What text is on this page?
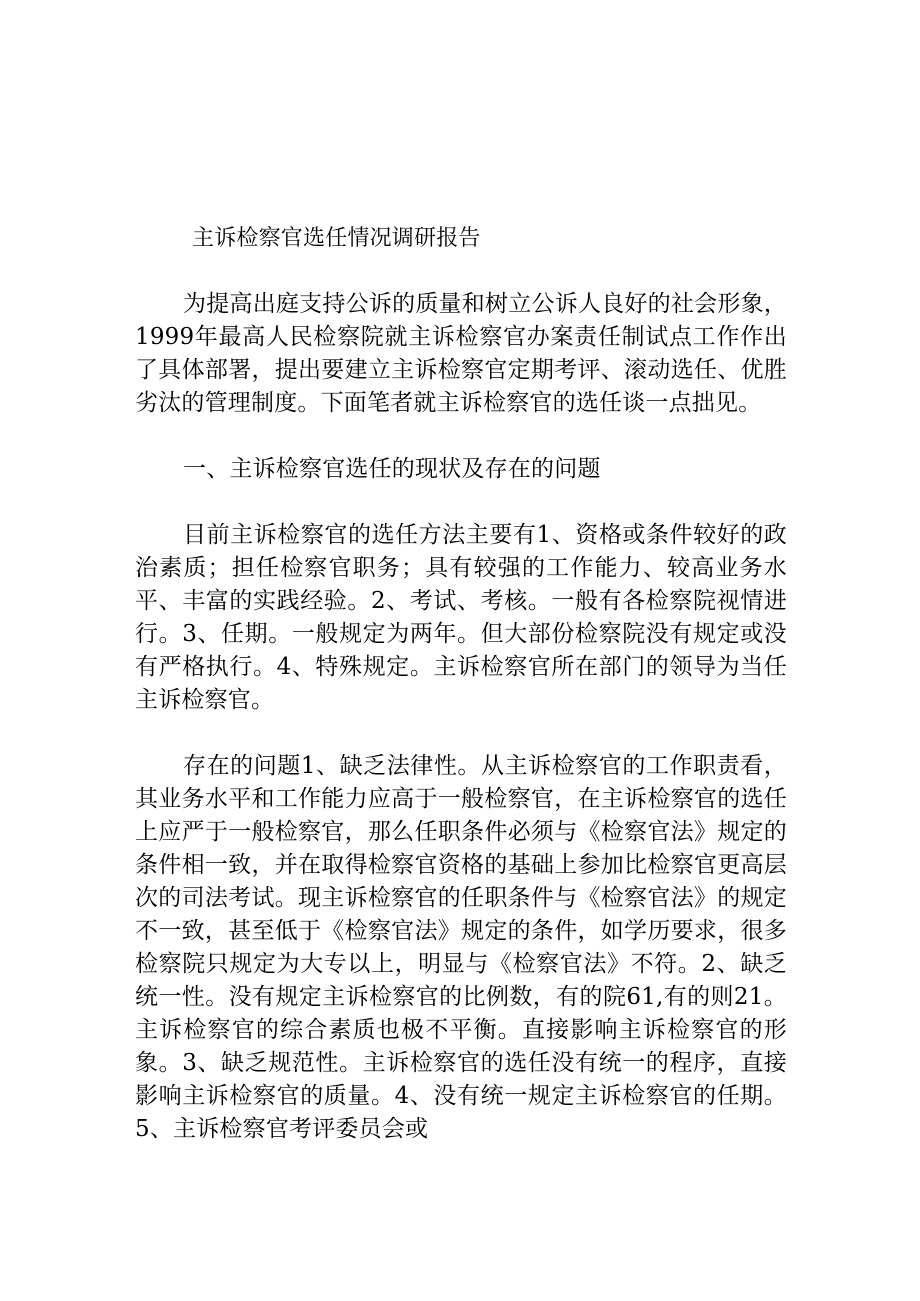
主诉检察官选任情况调研报告

为提高出庭支持公诉的质量和树立公诉人良好的社会形象，1999年最高人民检察院就主诉检察官办案责任制试点工作作出了具体部署，提出要建立主诉检察官定期考评、滚动选任、优胜劣汰的管理制度。下面笔者就主诉检察官的选任谈一点拙见。

一、主诉检察官选任的现状及存在的问题

目前主诉检察官的选任方法主要有1、资格或条件较好的政治素质；担任检察官职务；具有较强的工作能力、较高业务水平、丰富的实践经验。2、考试、考核。一般有各检察院视情进行。3、任期。一般规定为两年。但大部份检察院没有规定或没有严格执行。4、特殊规定。主诉检察官所在部门的领导为当任主诉检察官。

存在的问题1、缺乏法律性。从主诉检察官的工作职责看，其业务水平和工作能力应高于一般检察官，在主诉检察官的选任上应严于一般检察官，那么任职条件必须与《检察官法》规定的条件相一致，并在取得检察官资格的基础上参加比检察官更高层次的司法考试。现主诉检察官的任职条件与《检察官法》的规定不一致，甚至低于《检察官法》规定的条件，如学历要求，很多检察院只规定为大专以上，明显与《检察官法》不符。2、缺乏统一性。没有规定主诉检察官的比例数，有的院61,有的则21。主诉检察官的综合素质也极不平衡。直接影响主诉检察官的形象。3、缺乏规范性。主诉检察官的选任没有统一的程序，直接影响主诉检察官的质量。4、没有统一规定主诉检察官的任期。5、主诉检察官考评委员会或
